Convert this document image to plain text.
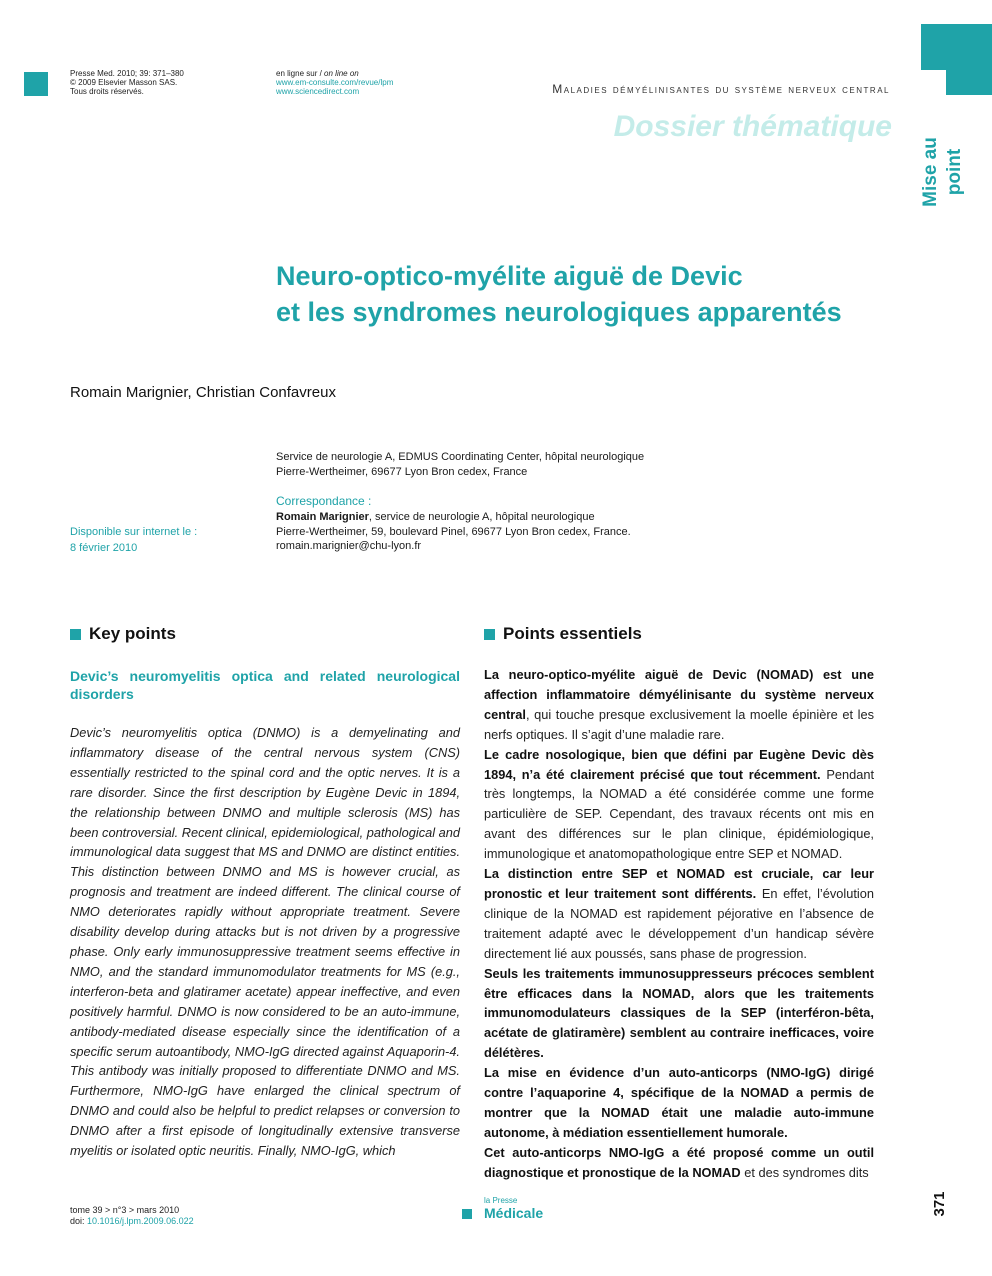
Presse Med. 2010; 39: 371–380
© 2009 Elsevier Masson SAS.
Tous droits réservés.
en ligne sur / on line on
www.em-consulte.com/revue/lpm
www.sciencedirect.com	Maladies démyélinisantes du système nerveux central
Dossier thématique
Mise au point
Neuro-optico-myélite aiguë de Devic
et les syndromes neurologiques apparentés
Romain Marignier, Christian Confavreux
Service de neurologie A, EDMUS Coordinating Center, hôpital neurologique
Pierre-Wertheimer, 69677 Lyon Bron cedex, France
Correspondance :
Romain Marignier, service de neurologie A, hôpital neurologique
Pierre-Wertheimer, 59, boulevard Pinel, 69677 Lyon Bron cedex, France.
romain.marignier@chu-lyon.fr
Disponible sur internet le :
8 février 2010
Key points	Points essentiels
Devic’s neuromyelitis optica and related neurological disorders
Devic’s neuromyelitis optica (DNMO) is a demyelinating and inflammatory disease of the central nervous system (CNS) essentially restricted to the spinal cord and the optic nerves. It is a rare disorder. Since the first description by Eugène Devic in 1894, the relationship between DNMO and multiple sclerosis (MS) has been controversial. Recent clinical, epidemiological, pathological and immunological data suggest that MS and DNMO are distinct entities. This distinction between DNMO and MS is however crucial, as prognosis and treatment are indeed different. The clinical course of NMO deteriorates rapidly without appropriate treatment. Severe disability develop during attacks but is not driven by a progressive phase. Only early immunosuppressive treatment seems effective in NMO, and the standard immunomodulator treatments for MS (e.g., interferon-beta and glatiramer acetate) appear ineffective, and even positively harmful. DNMO is now considered to be an auto-immune, antibody-mediated disease especially since the identification of a specific serum autoantibody, NMO-IgG directed against Aquaporin-4. This antibody was initially proposed to differentiate DNMO and MS. Furthermore, NMO-IgG have enlarged the clinical spectrum of DNMO and could also be helpful to predict relapses or conversion to DNMO after a first episode of longitudinally extensive transverse myelitis or isolated optic neuritis. Finally, NMO-IgG, which

La neuro-optico-myélite aiguë de Devic (NOMAD) est une affection inflammatoire démyélinisante du système nerveux central, qui touche presque exclusivement la moelle épinière et les nerfs optiques. Il s’agit d’une maladie rare.

Le cadre nosologique, bien que défini par Eugène Devic dès 1894, n’a été clairement précisé que tout récemment. Pendant très longtemps, la NOMAD a été considérée comme une forme particulière de SEP. Cependant, des travaux récents ont mis en avant des différences sur le plan clinique, épidémiologique, immunologique et anatomopathologique entre SEP et NOMAD.

La distinction entre SEP et NOMAD est cruciale, car leur pronostic et leur traitement sont différents. En effet, l’évolution clinique de la NOMAD est rapidement péjorative en l’absence de traitement adapté avec le développement d’un handicap sévère directement lié aux poussés, sans phase de progression.

Seuls les traitements immunosuppresseurs précoces semblent être efficaces dans la NOMAD, alors que les traitements immunomodulateurs classiques de la SEP (interféron-bêta, acétate de glatiramère) semblent au contraire inefficaces, voire délétères.

La mise en évidence d’un auto-anticorps (NMO-IgG) dirigé contre l’aquaporine 4, spécifique de la NOMAD a permis de montrer que la NOMAD était une maladie auto-immune autonome, à médiation essentiellement humorale.

Cet auto-anticorps NMO-IgG a été proposé comme un outil diagnostique et pronostique de la NOMAD et des syndromes dits

tome 39 > n°3 > mars 2010
doi: 10.1016/j.lpm.2009.06.022
la Presse
Médicale	371
